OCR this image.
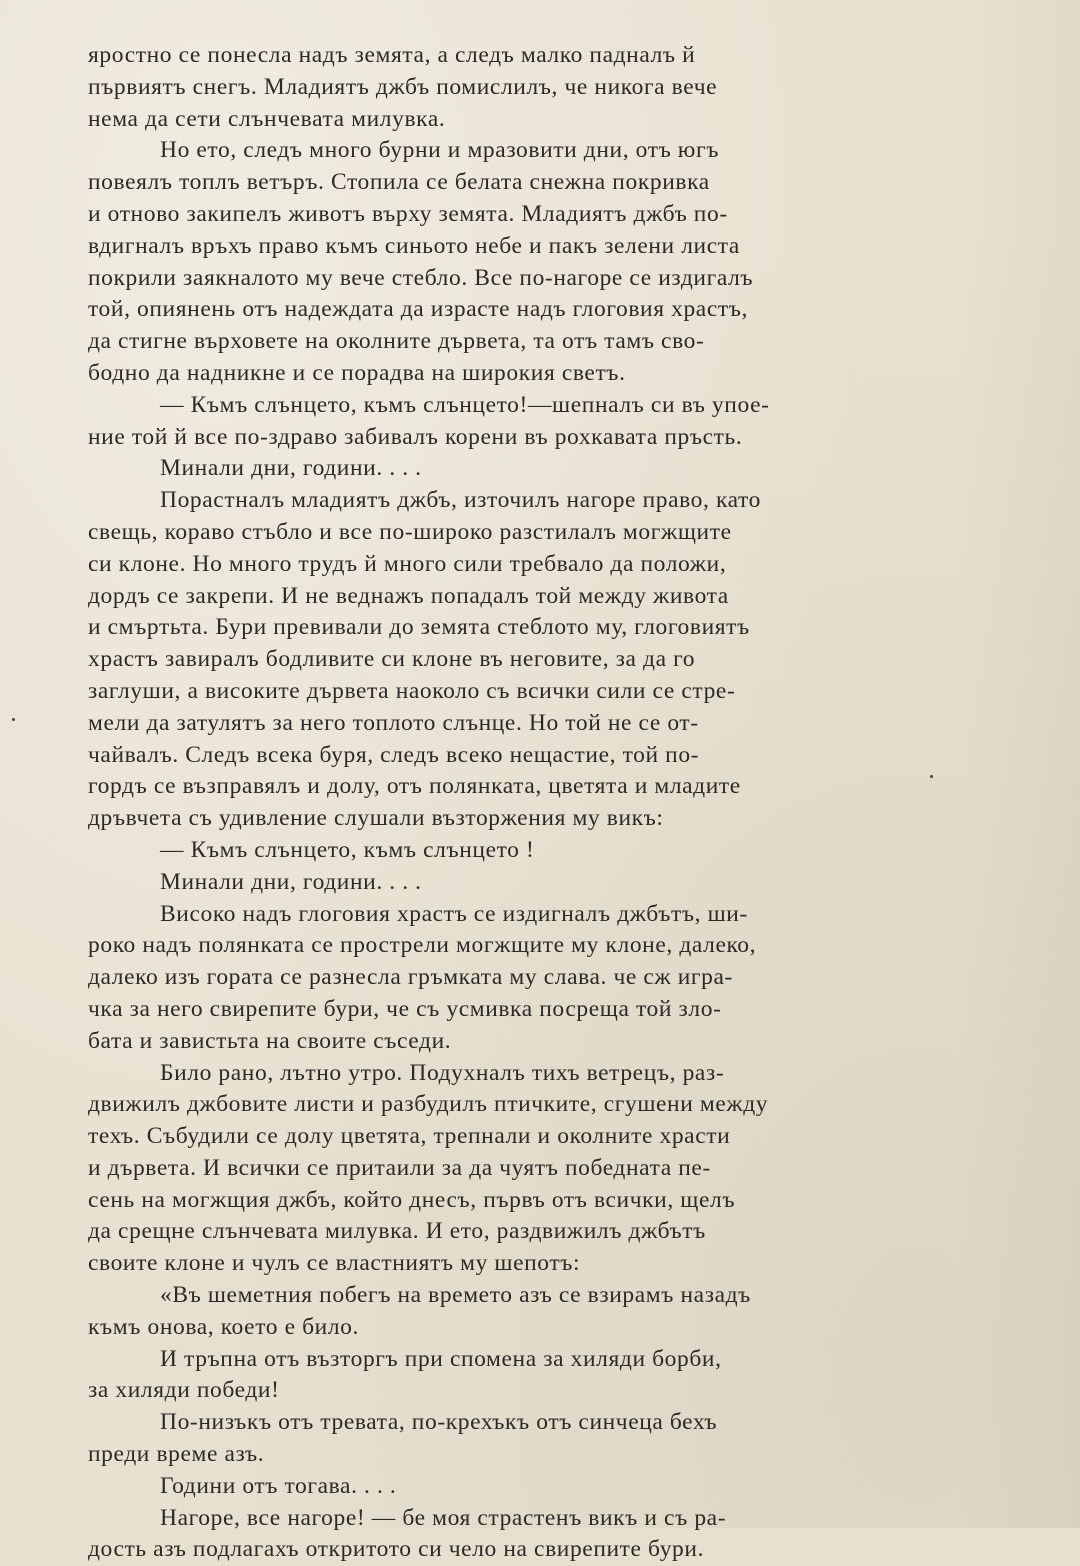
яростно се понесла надъ земята, а следъ малко падналъ й
първиятъ снегъ. Младиятъ джбъ помислилъ, че никога вече
нема да сети слънчевата милувка.
Но ето, следъ много бурни и мразовити дни, отъ югъ
повеялъ топлъ ветъръ. Стопила се белата снежна покривка
и отново закипелъ животъ върху земята. Младиятъ джбъ по-
вдигналъ връхъ право къмъ синьото небе и пакъ зелени листа
покрили заякналото му вече стебло. Все по-нагоре се издигалъ
той, опиянень отъ надеждата да израсте надъ глоговия храстъ,
да стигне върховете на околните дървета, та отъ тамъ сво-
бодно да надникне и се порадва на широкия светъ.
— Къмъ слънцето, къмъ слънцето!—шепналъ си въ упое-
ние той й все по-здраво забивалъ корени въ рохкавата пръсть.
Минали дни, години. . . .
Порастналъ младиятъ джбъ, източилъ нагоре право, като
свещь, кораво стъбло и все по-широко разстилалъ могжщите
си клоне. Но много трудъ й много сили требвало да положи,
дордъ се закрепи. И не веднажъ попадалъ той между живота
и смъртьта. Бури превивали до земята стеблото му, глоговиятъ
храстъ завиралъ бодливите си клоне въ неговите, за да го
заглуши, а високите дървета наоколо съ всички сили се стре-
мели да затулятъ за него топлото слънце. Но той не се от-
чайвалъ. Следъ всека буря, следъ всеко нещастие, той по-
гордъ се възправялъ и долу, отъ полянката, цветята и младите
дръвчета съ удивление слушали възторжения му викъ:
— Къмъ слънцето, къмъ слънцето !
Минали дни, години. . . .
Високо надъ глоговия храстъ се издигналъ джбътъ, ши-
роко надъ полянката се прострели могжщите му клоне, далеко,
далеко изъ гората се разнесла гръмката му слава. че сж игра-
чка за него свирепите бури, че съ усмивка посреща той зло-
бата и завистьта на своите съседи.
Било рано, лътно утро. Подухналъ тихъ ветрецъ, раз-
движилъ джбовите листи и разбудилъ птичките, сгушени между
техъ. Събудили се долу цветята, трепнали и околните храсти
и дървета. И всички се притаили за да чуятъ победната пе-
сень на могжщия джбъ, който днесъ, първъ отъ всички, щелъ
да срещне слънчевата милувка. И ето, раздвижилъ джбътъ
своите клоне и чулъ се властниятъ му шепотъ:
«Въ шеметния побегъ на времето азъ се взирамъ назадъ
къмъ онова, което е било.
И тръпна отъ възторгъ при спомена за хиляди борби,
за хиляди победи!
По-низъкъ отъ тревата, по-крехъкъ отъ синчеца бехъ
преди време азъ.
Години отъ тогава. . . .
Нагоре, все нагоре! — бе моя страстенъ викъ и съ ра-
дость азъ подлагахъ откритото си чело на свирепите бури.
